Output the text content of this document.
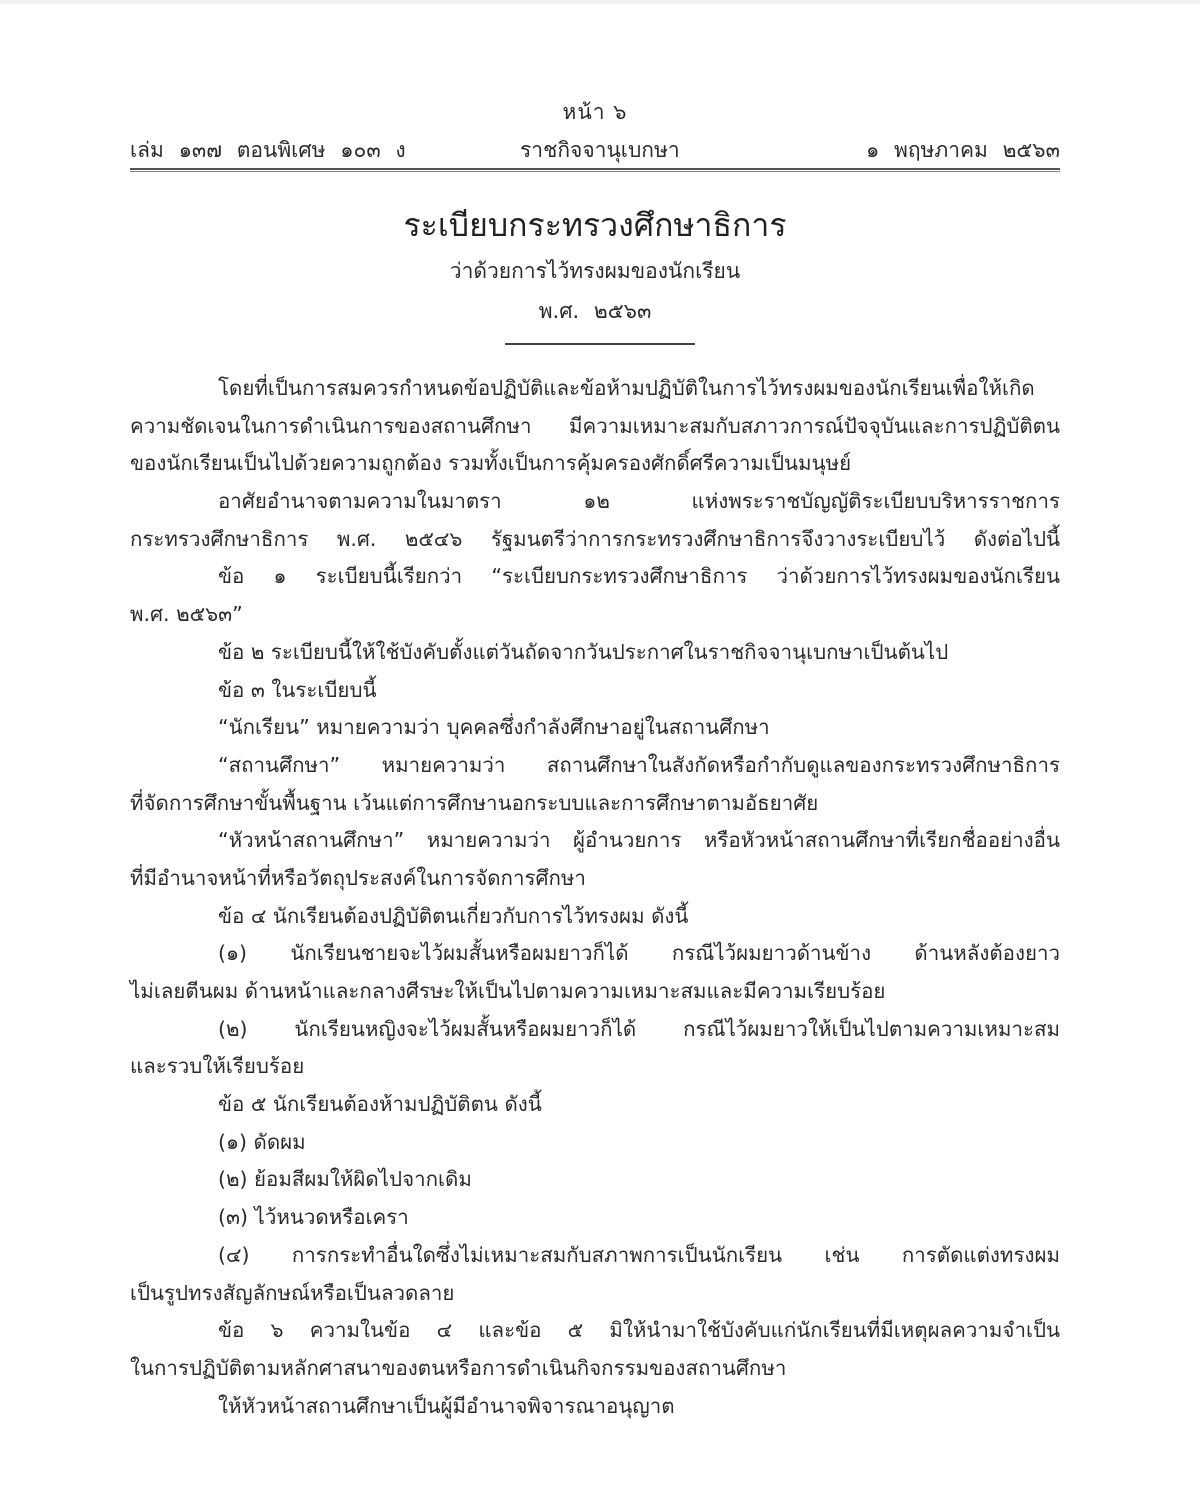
หน้า ๖
เล่ม ๑๓๗ ตอนพิเศษ ๑๐๓ ง	ราชกิจจานุเบกษา	๑ พฤษภาคม ๒๕๖๓
ระเบียบกระทรวงศึกษาธิการ
ว่าด้วยการไว้ทรงผมของนักเรียน
พ.ศ. ๒๕๖๓
โดยที่เป็นการสมควรกำหนดข้อปฏิบัติและข้อห้ามปฏิบัติในการไว้ทรงผมของนักเรียนเพื่อให้เกิด
ความชัดเจนในการดำเนินการของสถานศึกษา มีความเหมาะสมกับสภาวการณ์ปัจจุบันและการปฏิบัติตน
ของนักเรียนเป็นไปด้วยความถูกต้อง รวมทั้งเป็นการคุ้มครองศักดิ์ศรีความเป็นมนุษย์
อาศัยอำนาจตามความในมาตรา ๑๒ แห่งพระราชบัญญัติระเบียบบริหารราชการ
กระทรวงศึกษาธิการ พ.ศ. ๒๕๔๖ รัฐมนตรีว่าการกระทรวงศึกษาธิการจึงวางระเบียบไว้ ดังต่อไปนี้
ข้อ ๑ ระเบียบนี้เรียกว่า “ระเบียบกระทรวงศึกษาธิการ ว่าด้วยการไว้ทรงผมของนักเรียน
พ.ศ. ๒๕๖๓”
ข้อ ๒ ระเบียบนี้ให้ใช้บังคับตั้งแต่วันถัดจากวันประกาศในราชกิจจานุเบกษาเป็นต้นไป
ข้อ ๓ ในระเบียบนี้
“นักเรียน” หมายความว่า บุคคลซึ่งกำลังศึกษาอยู่ในสถานศึกษา
“สถานศึกษา” หมายความว่า สถานศึกษาในสังกัดหรือกำกับดูแลของกระทรวงศึกษาธิการ
ที่จัดการศึกษาขั้นพื้นฐาน เว้นแต่การศึกษานอกระบบและการศึกษาตามอัธยาศัย
“หัวหน้าสถานศึกษา” หมายความว่า ผู้อำนวยการ หรือหัวหน้าสถานศึกษาที่เรียกชื่ออย่างอื่น
ที่มีอำนาจหน้าที่หรือวัตถุประสงค์ในการจัดการศึกษา
ข้อ ๔ นักเรียนต้องปฏิบัติตนเกี่ยวกับการไว้ทรงผม ดังนี้
(๑) นักเรียนชายจะไว้ผมสั้นหรือผมยาวก็ได้ กรณีไว้ผมยาวด้านข้าง ด้านหลังต้องยาว
ไม่เลยตีนผม ด้านหน้าและกลางศีรษะให้เป็นไปตามความเหมาะสมและมีความเรียบร้อย
(๒) นักเรียนหญิงจะไว้ผมสั้นหรือผมยาวก็ได้ กรณีไว้ผมยาวให้เป็นไปตามความเหมาะสม
และรวบให้เรียบร้อย
ข้อ ๕ นักเรียนต้องห้ามปฏิบัติตน ดังนี้
(๑) ดัดผม
(๒) ย้อมสีผมให้ผิดไปจากเดิม
(๓) ไว้หนวดหรือเครา
(๔) การกระทำอื่นใดซึ่งไม่เหมาะสมกับสภาพการเป็นนักเรียน เช่น การตัดแต่งทรงผม
เป็นรูปทรงสัญลักษณ์หรือเป็นลวดลาย
ข้อ ๖ ความในข้อ ๔ และข้อ ๕ มิให้นำมาใช้บังคับแก่นักเรียนที่มีเหตุผลความจำเป็น
ในการปฏิบัติตามหลักศาสนาของตนหรือการดำเนินกิจกรรมของสถานศึกษา
ให้หัวหน้าสถานศึกษาเป็นผู้มีอำนาจพิจารณาอนุญาต
